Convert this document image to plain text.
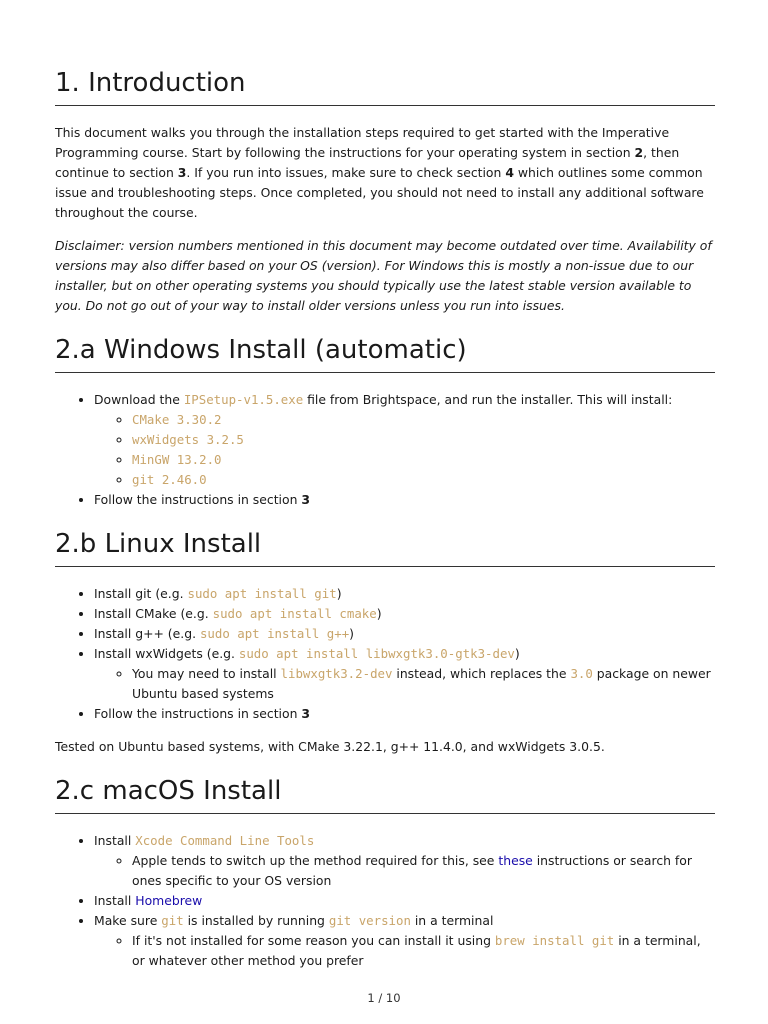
1. Introduction

This document walks you through the installation steps required to get started with the Imperative Programming course. Start by following the instructions for your operating system in section 2, then continue to section 3. If you run into issues, make sure to check section 4 which outlines some common issue and troubleshooting steps. Once completed, you should not need to install any additional software throughout the course.

Disclaimer: version numbers mentioned in this document may become outdated over time. Availability of versions may also differ based on your OS (version). For Windows this is mostly a non-issue due to our installer, but on other operating systems you should typically use the latest stable version available to you. Do not go out of your way to install older versions unless you run into issues.

2.a Windows Install (automatic)
• Download the IPSetup-v1.5.exe file from Brightspace, and run the installer. This will install:
◦ CMake 3.30.2
◦ wxWidgets 3.2.5
◦ MinGW 13.2.0
◦ git 2.46.0
• Follow the instructions in section 3
2.b Linux Install
• Install git (e.g. sudo apt install git)
• Install CMake (e.g. sudo apt install cmake)
• Install g++ (e.g. sudo apt install g++)
• Install wxWidgets (e.g. sudo apt install libwxgtk3.0-gtk3-dev)
◦ You may need to install libwxgtk3.2-dev instead, which replaces the 3.0 package on newer Ubuntu based systems
• Follow the instructions in section 3

Tested on Ubuntu based systems, with CMake 3.22.1, g++ 11.4.0, and wxWidgets 3.0.5.

2.c macOS Install
• Install Xcode Command Line Tools
◦ Apple tends to switch up the method required for this, see these instructions or search for ones specific to your OS version
• Install Homebrew
• Make sure git is installed by running git version in a terminal
◦ If it's not installed for some reason you can install it using brew install git in a terminal, or whatever other method you prefer
1 / 10
